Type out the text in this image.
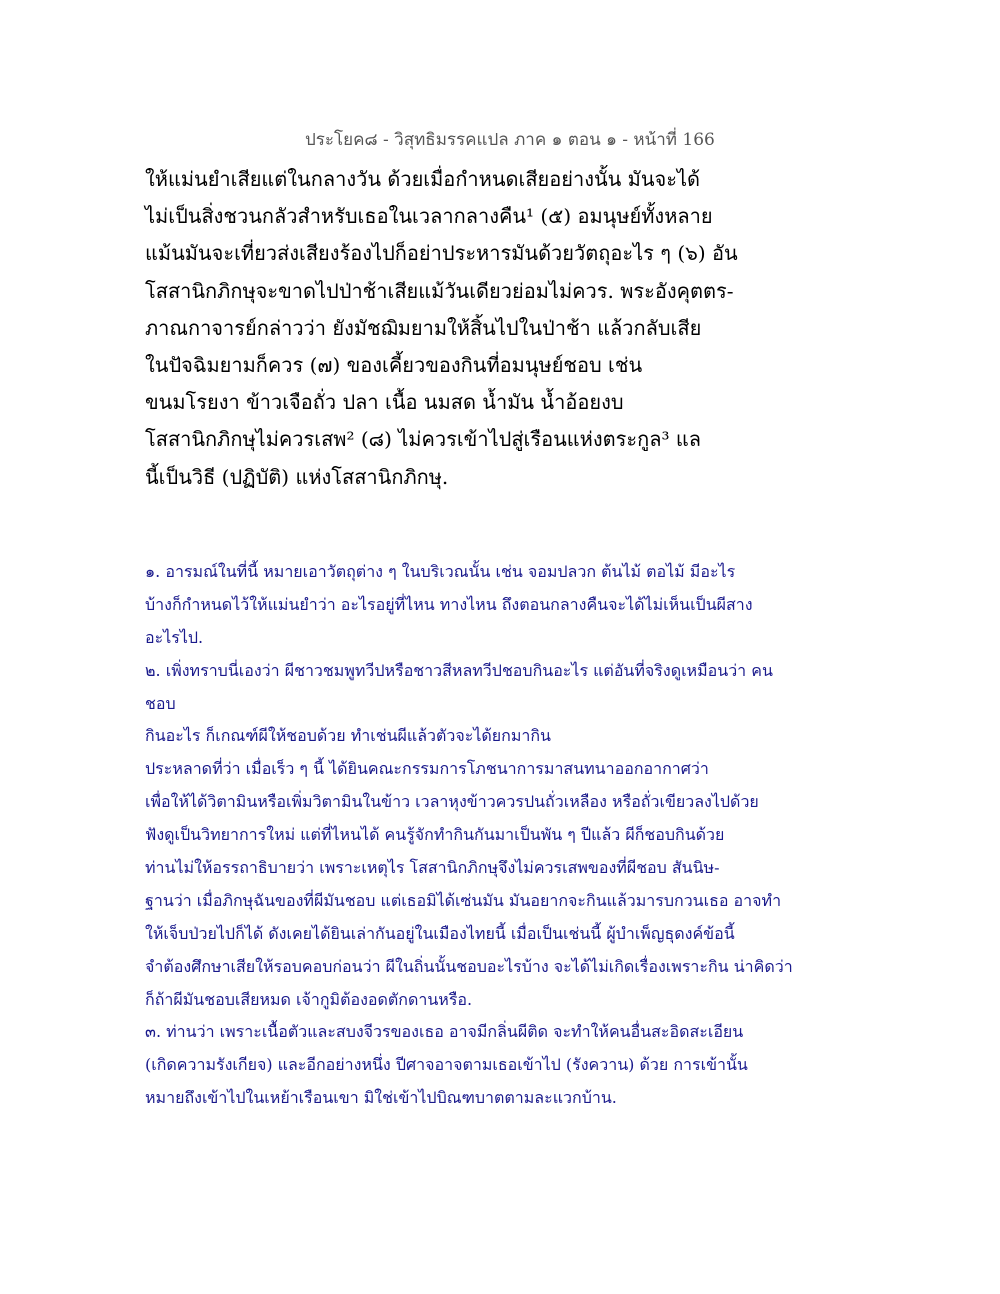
ประโยค๘ - วิสุทธิมรรคแปล ภาค ๑ ตอน ๑ - หน้าที่ 166
ให้แม่นยำเสียแต่ในกลางวัน ด้วยเมื่อกำหนดเสียอย่างนั้น มันจะได้
ไม่เป็นสิ่งชวนกลัวสำหรับเธอในเวลากลางคืน¹ (๕) อมนุษย์ทั้งหลาย
แม้นมันจะเที่ยวส่งเสียงร้องไปก็อย่าประหารมันด้วยวัตถุอะไร ๆ (๖) อัน
โสสานิกภิกษุจะขาดไปป่าช้าเสียแม้วันเดียวย่อมไม่ควร. พระอังคุตตร-
ภาณกาจารย์กล่าวว่า ยังมัชฌิมยามให้สิ้นไปในป่าช้า แล้วกลับเสีย
ในปัจฉิมยามก็ควร (๗) ของเคี้ยวของกินที่อมนุษย์ชอบ เช่น
ขนมโรยงา ข้าวเจือถั่ว ปลา เนื้อ นมสด น้ำมัน น้ำอ้อยงบ
โสสานิกภิกษุไม่ควรเสพ² (๘) ไม่ควรเข้าไปสู่เรือนแห่งตระกูล³ แล
นี้เป็นวิธี (ปฏิบัติ) แห่งโสสานิกภิกษุ.
๑. อารมณ์ในที่นี้ หมายเอาวัตถุต่าง ๆ ในบริเวณนั้น เช่น จอมปลวก ต้นไม้ ตอไม้ มีอะไร
บ้างก็กำหนดไว้ให้แม่นยำว่า อะไรอยู่ที่ไหน ทางไหน ถึงตอนกลางคืนจะได้ไม่เห็นเป็นผีสาง
อะไรไป.
๒. เพิ่งทราบนี่เองว่า ผีชาวชมพูทวีปหรือชาวสีหลทวีปชอบกินอะไร แต่อันที่จริงดูเหมือนว่า คน
ชอบ
กินอะไร ก็เกณฑ์ผีให้ชอบด้วย ทำเช่นผีแล้วตัวจะได้ยกมากิน
ประหลาดที่ว่า เมื่อเร็ว ๆ นี้ ได้ยินคณะกรรมการโภชนาการมาสนทนาออกอากาศว่า
เพื่อให้ได้วิตามินหรือเพิ่มวิตามินในข้าว เวลาหุงข้าวควรปนถั่วเหลือง หรือถั่วเขียวลงไปด้วย
ฟังดูเป็นวิทยาการใหม่ แต่ที่ไหนได้ คนรู้จักทำกินกันมาเป็นพัน ๆ ปีแล้ว ผีก็ชอบกินด้วย
ท่านไม่ให้อรรถาธิบายว่า เพราะเหตุไร โสสานิกภิกษุจึงไม่ควรเสพของที่ผีชอบ สันนิษ-
ฐานว่า เมื่อภิกษุฉันของที่ผีมันชอบ แต่เธอมิได้เซ่นมัน มันอยากจะกินแล้วมารบกวนเธอ อาจทำ
ให้เจ็บป่วยไปก็ได้ ดังเคยได้ยินเล่ากันอยู่ในเมืองไทยนี้ เมื่อเป็นเช่นนี้ ผู้บำเพ็ญธุดงค์ข้อนี้
จำต้องศึกษาเสียให้รอบคอบก่อนว่า ผีในถิ่นนั้นชอบอะไรบ้าง จะได้ไม่เกิดเรื่องเพราะกิน น่าคิดว่า
ก็ถ้าผีมันชอบเสียหมด เจ้ากูมิต้องอดตักดานหรือ.
๓. ท่านว่า เพราะเนื้อตัวและสบงจีวรของเธอ อาจมีกลิ่นผีติด จะทำให้คนอื่นสะอิดสะเอียน
(เกิดความรังเกียจ) และอีกอย่างหนึ่ง ปีศาจอาจตามเธอเข้าไป (รังควาน) ด้วย การเข้านั้น
หมายถึงเข้าไปในเหย้าเรือนเขา มิใช่เข้าไปบิณฑบาตตามละแวกบ้าน.
